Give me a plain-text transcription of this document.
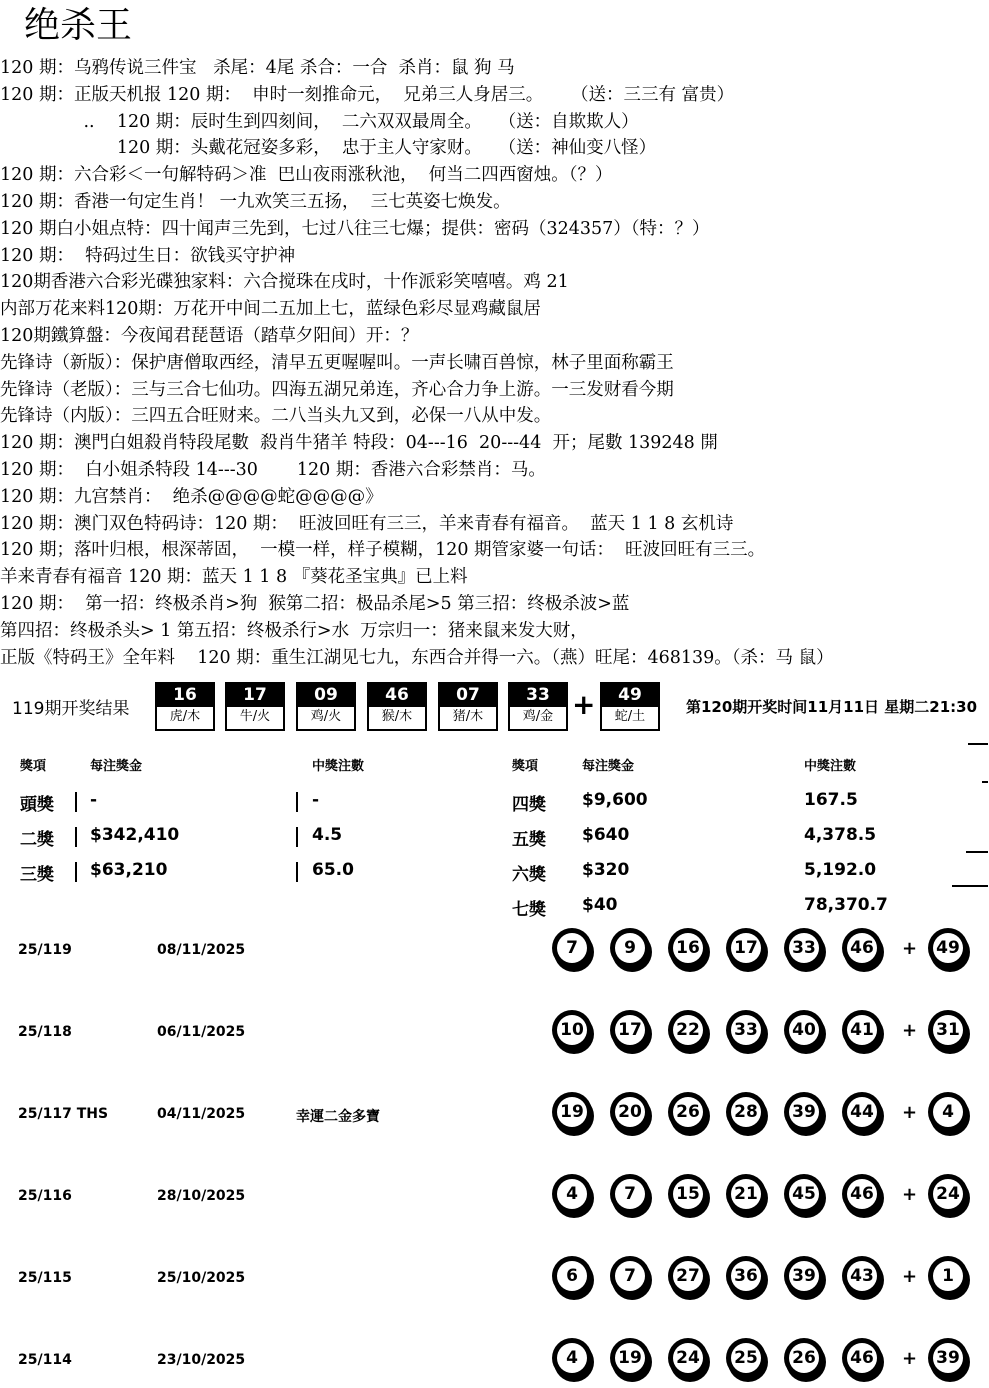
绝杀王
120 期：乌鸦传说三件宝   杀尾：4尾 杀合：一合  杀肖：鼠 狗 马
120 期：正版天机报 120 期：  申时一刻推命元，  兄弟三人身居三。     （送：三三有 富贵）
..    120 期：辰时生到四刻间，  二六双双最周全。   （送：自欺欺人）
120 期：头戴花冠姿多彩，  忠于主人守家财。   （送：神仙变八怪）
120 期：六合彩＜一句解特码＞准  巴山夜雨涨秋池，  何当二四西窗烛。（？）
120 期：香港一句定生肖！ 一九欢笑三五扬，  三七英姿七焕发。
120 期白小姐点特：四十闻声三先到，七过八往三七爆；提供：密码（324357）（特：？）
120 期：  特码过生日：欲钱买守护神
120期香港六合彩光碟独家料：六合搅珠在戌时，十作派彩笑嘻嘻。鸡 21
内部万花来料120期：万花开中间二五加上七，蓝绿色彩尽显鸡藏鼠居
120期鐵算盤：今夜闻君琵琶语（踏草夕阳间）开：？
先锋诗（新版）：保护唐僧取西经，清早五更喔喔叫。一声长啸百兽惊，林子里面称霸王
先锋诗（老版）：三与三合七仙功。四海五湖兄弟连，齐心合力争上游。一三发财看今期
先锋诗（内版）：三四五合旺财来。二八当头九又到，必保一八从中发。
120 期：澳門白姐殺肖特段尾數  殺肖牛猪羊 特段：04---16  20---44  开；尾數 139248 開
120 期：  白小姐杀特段 14---30       120 期：香港六合彩禁肖：马。
120 期：九宫禁肖：  绝杀@@@@蛇@@@@》
120 期：澳门双色特码诗：120 期：  旺波回旺有三三，羊来青春有福音。  蓝天 1 1 8 玄机诗
120 期；落叶归根，根深蒂固，  一模一样，样子模糊，120 期管家婆一句话：  旺波回旺有三三。
羊来青春有福音 120 期：蓝天 1 1 8 『葵花圣宝典』已上料
120 期：  第一招：终极杀肖>狗  猴第二招：极品杀尾>5 第三招：终极杀波>蓝
第四招：终极杀头> 1 第五招：终极杀行>水  万宗归一：猪来鼠来发大财，
正版《特码王》全年料    120 期：重生江湖见七九，东西合并得一六。（燕）旺尾：468139。（杀：马 鼠）
119期开奖结果	+	第120期开奖时间11月11日 星期二21:30
16
虎/木
17
牛/火
09
鸡/火
46
猴/木
07
猪/木
33
鸡/金
49
蛇/土
獎項	每注獎金	中獎注數	獎項	每注獎金	中獎注數
頭獎 -	-
二獎 $342,410	4.5
三獎 $63,210	65.0
四獎 $9,600	167.5
五獎 $640	4,378.5
六獎 $320	5,192.0
七獎 $40	78,370.7
25/119	08/11/2025	7	9	16 17 33 46 + 49
25/118	06/11/2025	10 17 22 33 40 41 + 31
25/117 THS	04/11/2025	幸運二金多寶	19 20 26 28 39 44 +	4
25/116	28/10/2025	4	7	15 21 45 46 + 24
25/115	25/10/2025	6	7	27 36 39 43 +	1
25/114	23/10/2025	4	19 24 25 26 46 + 39
